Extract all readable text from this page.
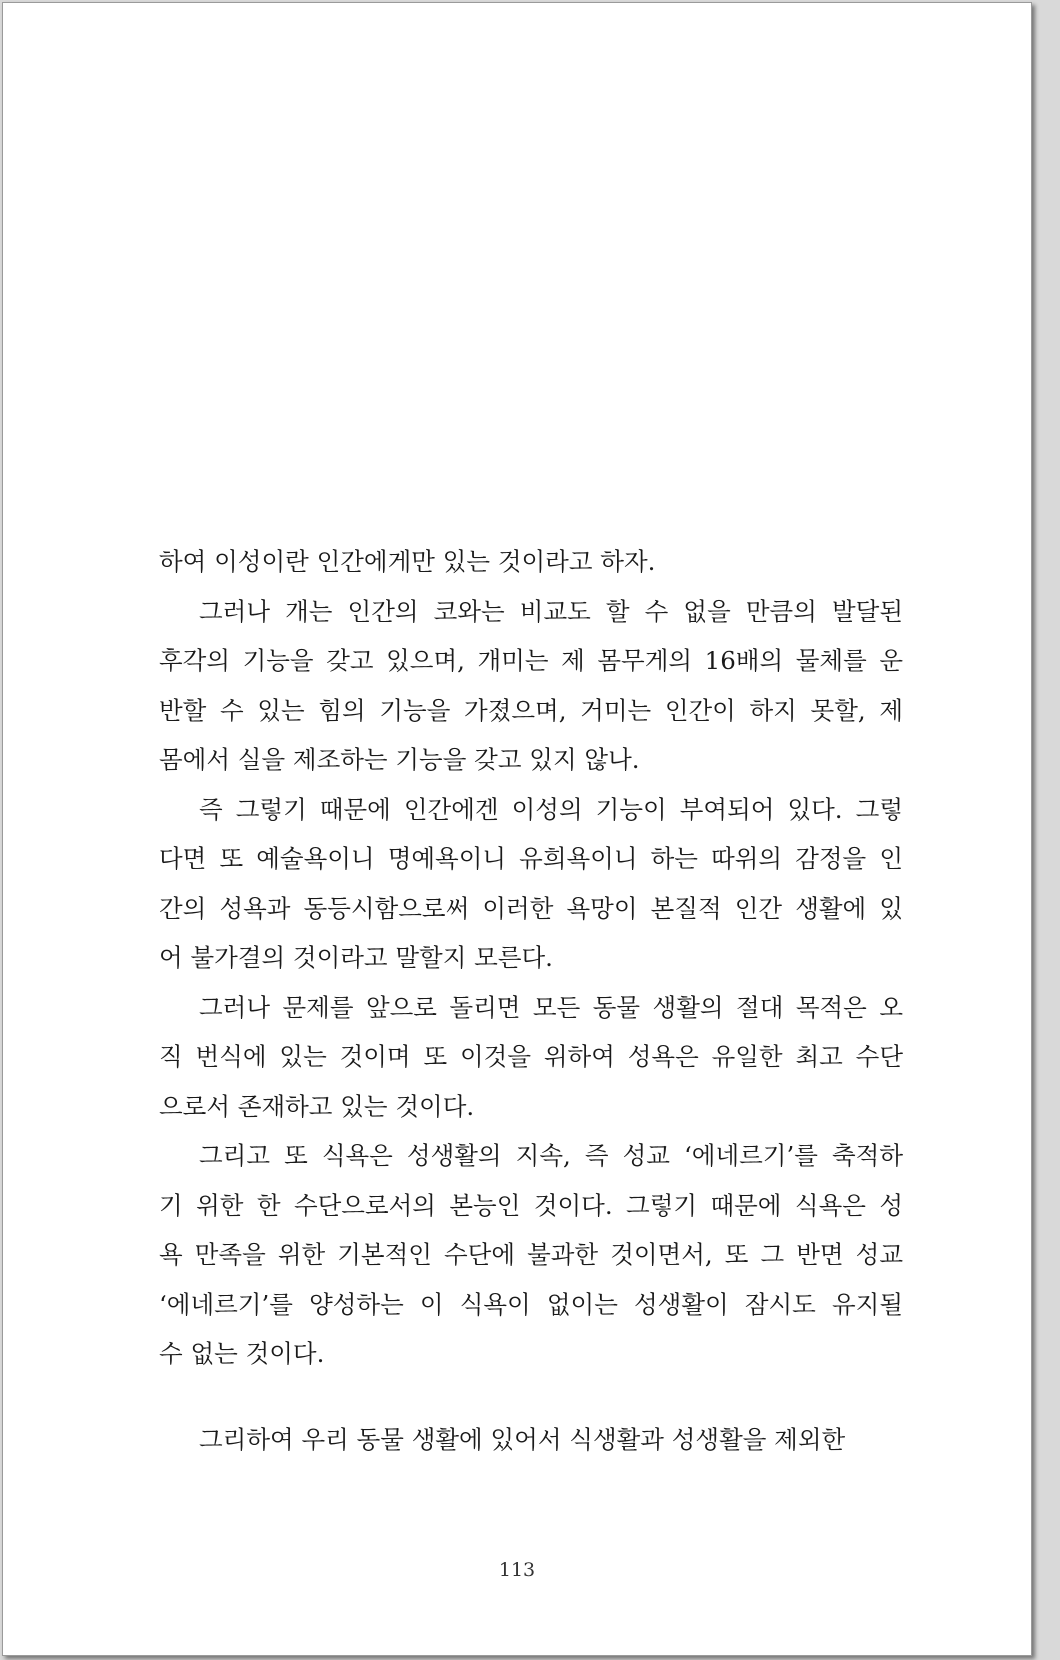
하여 이성이란 인간에게만 있는 것이라고 하자.
그러나 개는 인간의 코와는 비교도 할 수 없을 만큼의 발달된
후각의 기능을 갖고 있으며, 개미는 제 몸무게의 16배의 물체를 운
반할 수 있는 힘의 기능을 가졌으며, 거미는 인간이 하지 못할, 제
몸에서 실을 제조하는 기능을 갖고 있지 않나.
즉 그렇기 때문에 인간에겐 이성의 기능이 부여되어 있다. 그렇
다면 또 예술욕이니 명예욕이니 유희욕이니 하는 따위의 감정을 인
간의 성욕과 동등시함으로써 이러한 욕망이 본질적 인간 생활에 있
어 불가결의 것이라고 말할지 모른다.
그러나 문제를 앞으로 돌리면 모든 동물 생활의 절대 목적은 오
직 번식에 있는 것이며 또 이것을 위하여 성욕은 유일한 최고 수단
으로서 존재하고 있는 것이다.
그리고 또 식욕은 성생활의 지속, 즉 성교 ‘에네르기’를 축적하
기 위한 한 수단으로서의 본능인 것이다. 그렇기 때문에 식욕은 성
욕 만족을 위한 기본적인 수단에 불과한 것이면서, 또 그 반면 성교
‘에네르기’를 양성하는 이 식욕이 없이는 성생활이 잠시도 유지될
수 없는 것이다.
그리하여 우리 동물 생활에 있어서 식생활과 성생활을 제외한
113
